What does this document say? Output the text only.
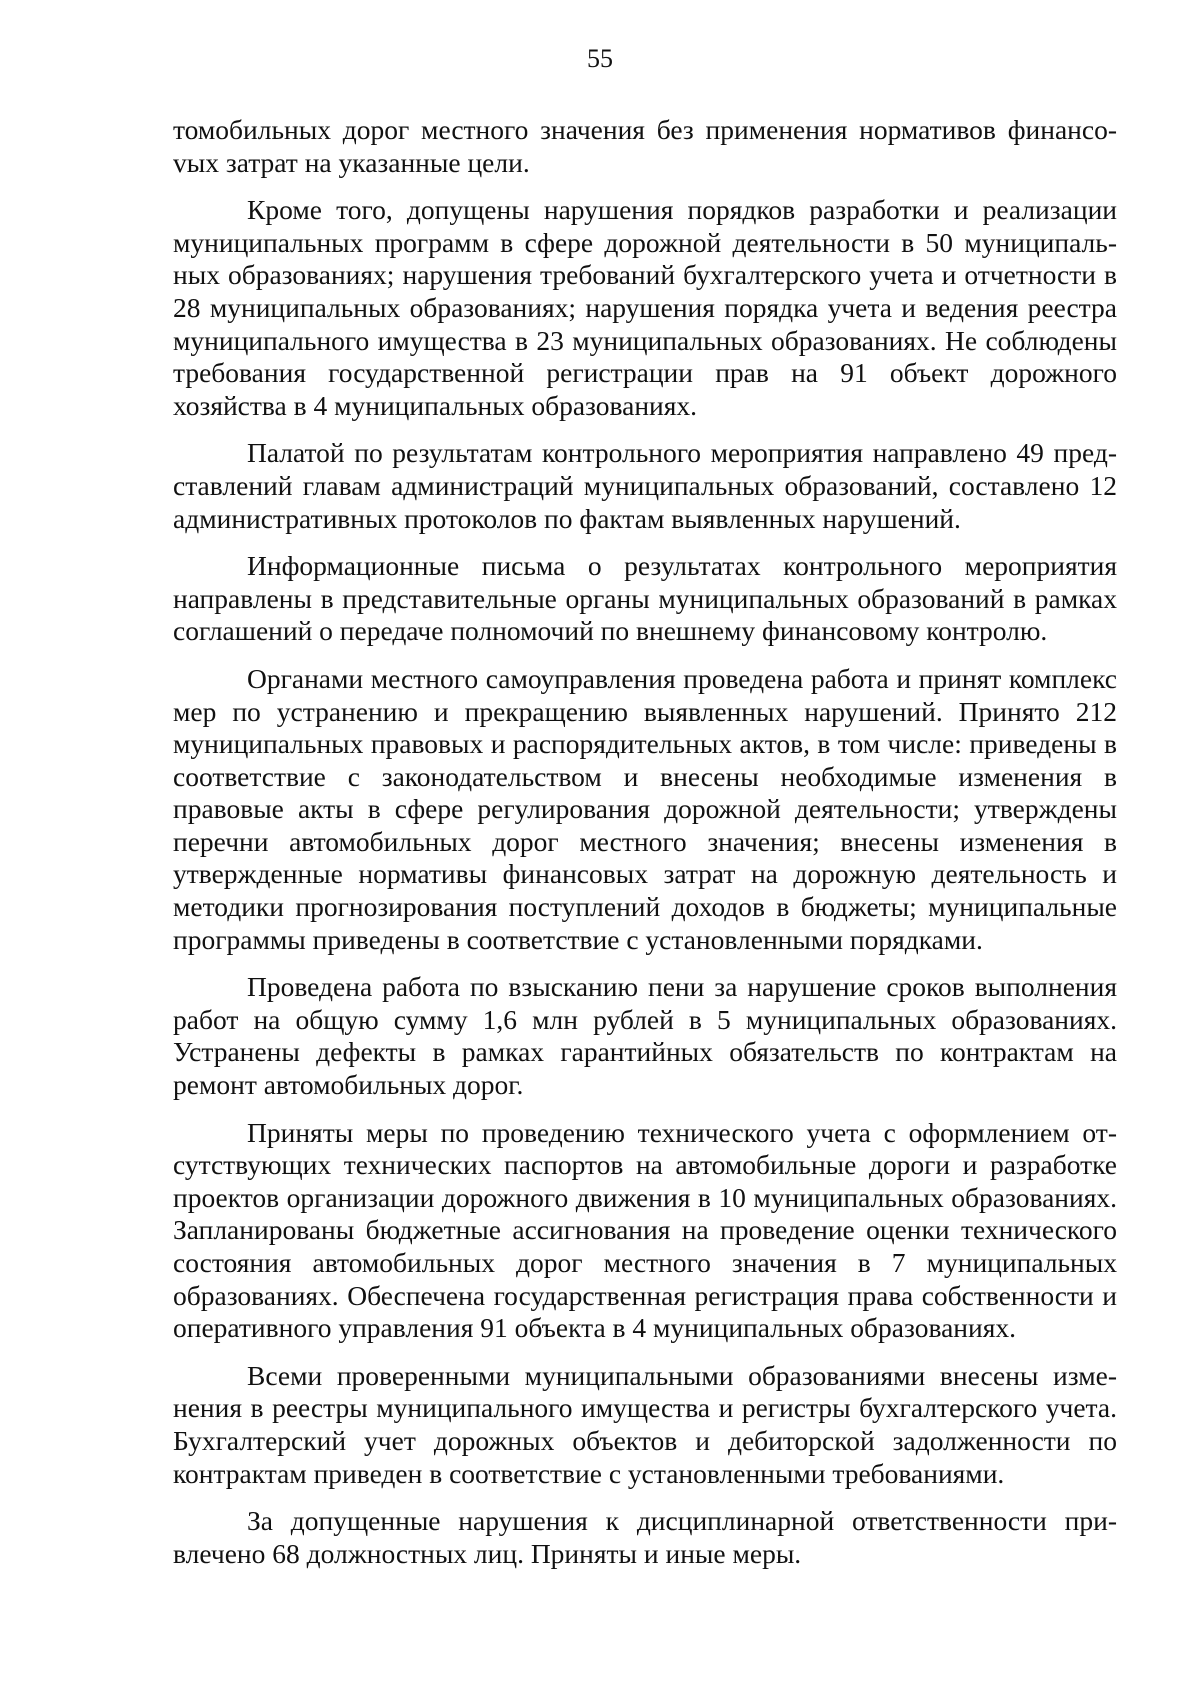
55

томобильных дорог местного значения без применения нормативов финансоvых затрат на указанные цели.

Кроме того, допущены нарушения порядков разработки и реализации муниципальных программ в сфере дорожной деятельности в 50 муниципальных образованиях; нарушения требований бухгалтерского учета и отчетности в 28 муниципальных образованиях; нарушения порядка учета и ведения реестра муниципального имущества в 23 муниципальных образованиях. Не соблюдены требования государственной регистрации прав на 91 объект дорожного хозяйства в 4 муниципальных образованиях.

Палатой по результатам контрольного мероприятия направлено 49 представлений главам администраций муниципальных образований, составлено 12 административных протоколов по фактам выявленных нарушений.

Информационные письма о результатах контрольного мероприятия направлены в представительные органы муниципальных образований в рамках соглашений о передаче полномочий по внешнему финансовому контролю.

Органами местного самоуправления проведена работа и принят комплекс мер по устранению и прекращению выявленных нарушений. Принято 212 муниципальных правовых и распорядительных актов, в том числе: приведены в соответствие с законодательством и внесены необходимые изменения в правовые акты в сфере регулирования дорожной деятельности; утверждены перечни автомобильных дорог местного значения; внесены изменения в утвержденные нормативы финансовых затрат на дорожную деятельность и методики прогнозирования поступлений доходов в бюджеты; муниципальные программы приведены в соответствие с установленными порядками.

Проведена работа по взысканию пени за нарушение сроков выполнения работ на общую сумму 1,6 млн рублей в 5 муниципальных образованиях. Устранены дефекты в рамках гарантийных обязательств по контрактам на ремонт автомобильных дорог.

Приняты меры по проведению технического учета с оформлением отсутствующих технических паспортов на автомобильные дороги и разработке проектов организации дорожного движения в 10 муниципальных образованиях. Запланированы бюджетные ассигнования на проведение оценки технического состояния автомобильных дорог местного значения в 7 муниципальных образованиях. Обеспечена государственная регистрация права собственности и оперативного управления 91 объекта в 4 муниципальных образованиях.

Всеми проверенными муниципальными образованиями внесены изменения в реестры муниципального имущества и регистры бухгалтерского учета. Бухгалтерский учет дорожных объектов и дебиторской задолженности по контрактам приведен в соответствие с установленными требованиями.

За допущенные нарушения к дисциплинарной ответственности привлечено 68 должностных лиц. Приняты и иные меры.
